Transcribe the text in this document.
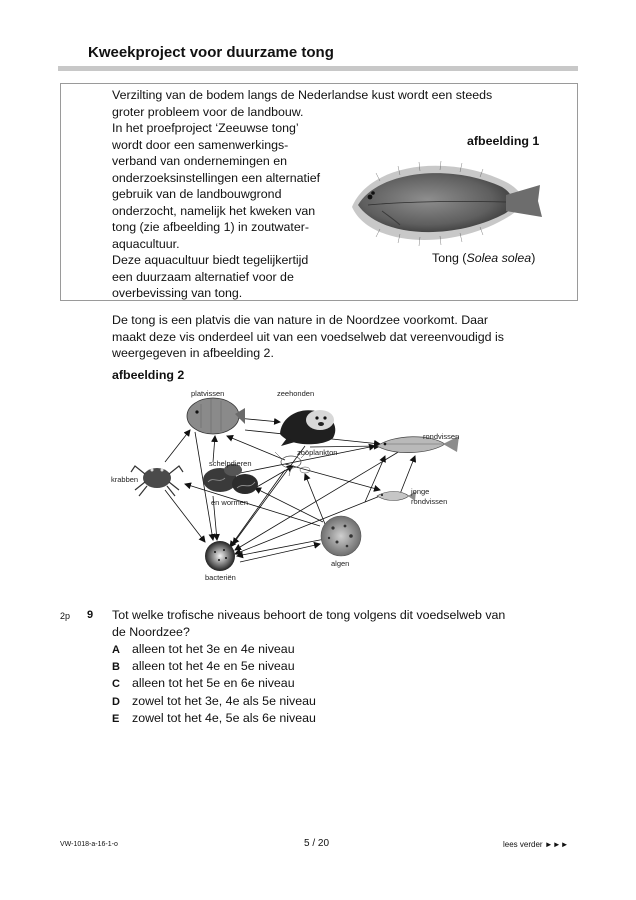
Kweekproject voor duurzame tong
Verzilting van de bodem langs de Nederlandse kust wordt een steeds
groter probleem voor de landbouw.
In het proefproject ‘Zeeuwse tong’
wordt door een samenwerkings-
verband van ondernemingen en
onderzoeksinstellingen een alternatief
gebruik van de landbouwgrond
onderzocht, namelijk het kweken van
tong (zie afbeelding 1) in zoutwater-
aquacultuur.
Deze aquacultuur biedt tegelijkertijd
een duurzaam alternatief voor de
overbevissing van tong.
afbeelding 1
Tong (Solea solea)
De tong is een platvis die van nature in de Noordzee voorkomt. Daar
maakt deze vis onderdeel uit van een voedselweb dat vereenvoudigd is
weergegeven in afbeelding 2.
afbeelding 2
platvissen	zeehonden
rondvissen
zoöplankton
schelpdieren
en wormen
krabben
jonge
rondvissen
algen
bacteriën
2p 9 Tot welke trofische niveaus behoort de tong volgens dit voedselweb van
de Noordzee?
A alleen tot het 3e en 4e niveau
B alleen tot het 4e en 5e niveau
C alleen tot het 5e en 6e niveau
D zowel tot het 3e, 4e als 5e niveau
E zowel tot het 4e, 5e als 6e niveau
VW-1018-a-16-1-o	5 / 20	lees verder ►►►
